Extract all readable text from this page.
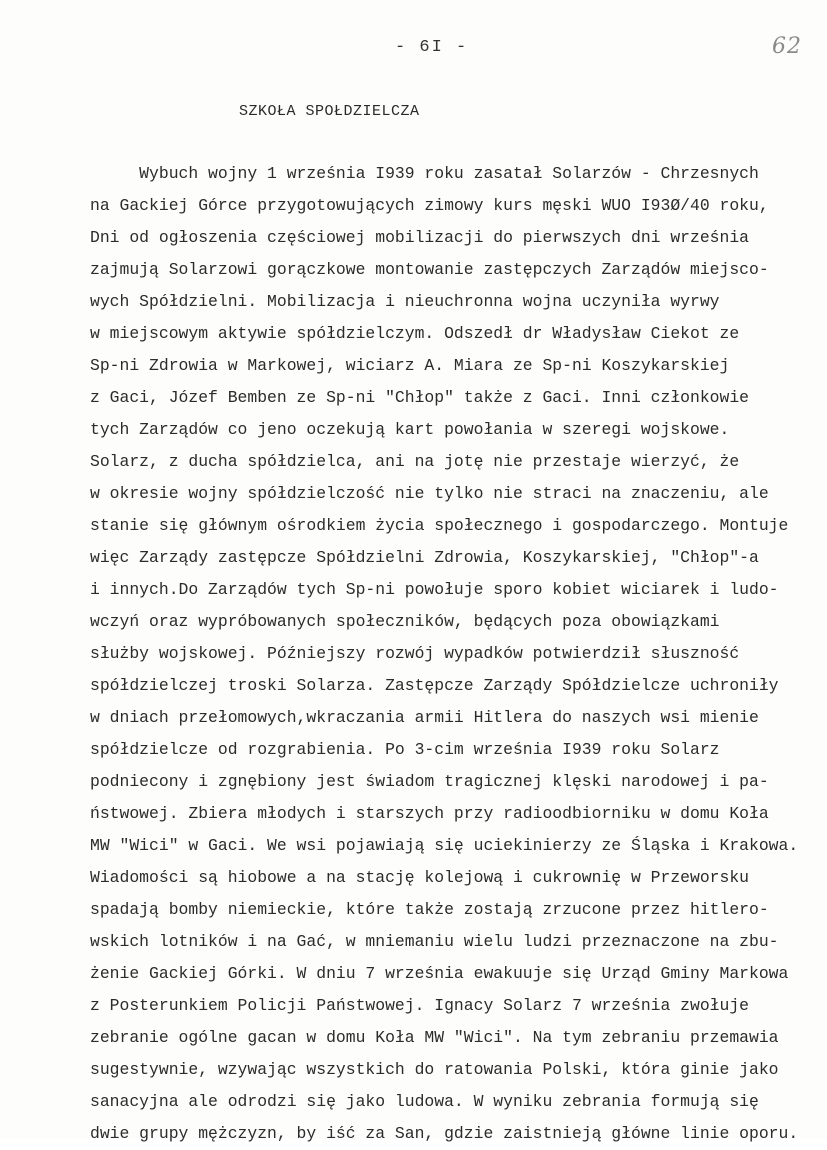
- 6I -	62
SZKOŁA SPOŁDZIELCZA
Wybuch wojny 1 września I939 roku zasatał Solarzów - Chrzesnych
na Gackiej Górce przygotowujących zimowy kurs męski WUO I93Ø/40 roku,
Dni od ogłoszenia częściowej mobilizacji do pierwszych dni września
zajmują Solarzowi gorączkowe montowanie zastępczych Zarządów miejsco-
wych Spółdzielni. Mobilizacja i nieuchronna wojna uczyniła wyrwy
w miejscowym aktywie spółdzielczym. Odszedł dr Władysław Ciekot ze
Sp-ni Zdrowia w Markowej, wiciarz A. Miara ze Sp-ni Koszykarskiej
z Gaci, Józef Bemben ze Sp-ni "Chłop" także z Gaci. Inni członkowie
tych Zarządów co jeno oczekują kart powołania w szeregi wojskowe.
Solarz, z ducha spółdzielca, ani na jotę nie przestaje wierzyć, że
w okresie wojny spółdzielczość nie tylko nie straci na znaczeniu, ale
stanie się głównym ośrodkiem życia społecznego i gospodarczego. Montuje
więc Zarządy zastępcze Spółdzielni Zdrowia, Koszykarskiej, "Chłop"-a
i innych.Do Zarządów tych Sp-ni powołuje sporo kobiet wiciarek i ludo-
wczyń oraz wypróbowanych społeczników, będących poza obowiązkami
służby wojskowej. Późniejszy rozwój wypadków potwierdził słuszność
spółdzielczej troski Solarza. Zastępcze Zarządy Spółdzielcze uchroniły
w dniach przełomowych,wkraczania armii Hitlera do naszych wsi mienie
spółdzielcze od rozgrabienia. Po 3-cim września I939 roku Solarz
podniecony i zgnębiony jest świadom tragicznej klęski narodowej i pa-
ństwowej. Zbiera młodych i starszych przy radioodbiorniku w domu Koła
MW "Wici" w Gaci. We wsi pojawiają się uciekinierzy ze Śląska i Krakowa.
Wiadomości są hiobowe a na stację kolejową i cukrownię w Przeworsku
spadają bomby niemieckie, które także zostają zrzucone przez hitlero-
wskich lotników i na Gać, w mniemaniu wielu ludzi przeznaczone na zbu-
żenie Gackiej Górki. W dniu 7 września ewakuuje się Urząd Gminy Markowa
z Posterunkiem Policji Państwowej. Ignacy Solarz 7 września zwołuje
zebranie ogólne gacan w domu Koła MW "Wici". Na tym zebraniu przemawia
sugestywnie, wzywając wszystkich do ratowania Polski, która ginie jako
sanacyjna ale odrodzi się jako ludowa. W wyniku zebrania formują się
dwie grupy mężczyzn, by iść za San, gdzie zaistnieją główne linie oporu.
